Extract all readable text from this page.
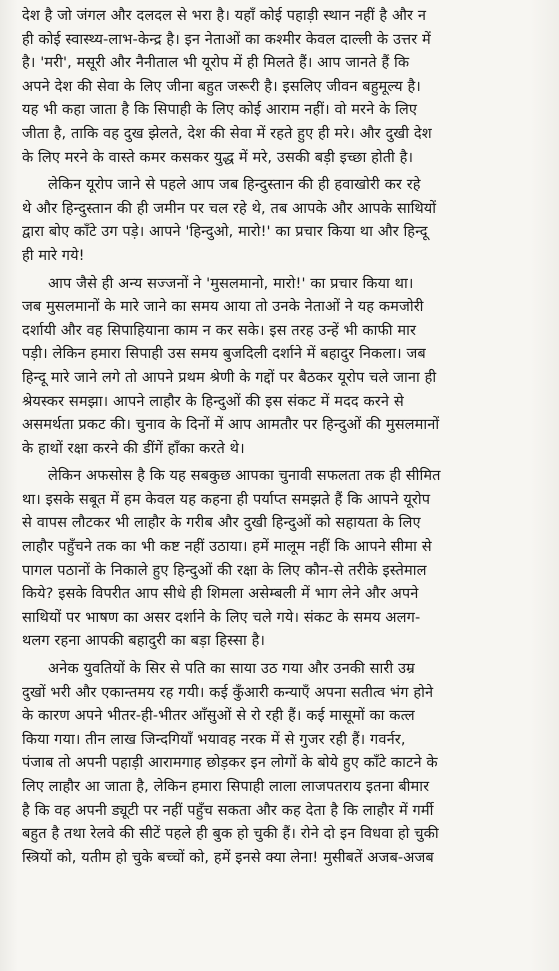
देश है जो जंगल और दलदल से भरा है। यहाँ कोई पहाड़ी स्थान नहीं है और न
ही कोई स्वास्थ्य-लाभ-केन्द्र है। इन नेताओं का कश्मीर केवल दाल्ली के उत्तर में
है। 'मरी', मसूरी और नैनीताल भी यूरोप में ही मिलते हैं। आप जानते हैं कि
अपने देश की सेवा के लिए जीना बहुत जरूरी है। इसलिए जीवन बहुमूल्य है।
यह भी कहा जाता है कि सिपाही के लिए कोई आराम नहीं। वो मरने के लिए
जीता है, ताकि वह दुख झेलते, देश की सेवा में रहते हुए ही मरे। और दुखी देश
के लिए मरने के वास्ते कमर कसकर युद्ध में मरे, उसकी बड़ी इच्छा होती है।
लेकिन यूरोप जाने से पहले आप जब हिन्दुस्तान की ही हवाखोरी कर रहे
थे और हिन्दुस्तान की ही जमीन पर चल रहे थे, तब आपके और आपके साथियों
द्वारा बोए काँटे उग पड़े। आपने 'हिन्दुओ, मारो!' का प्रचार किया था और हिन्दू
ही मारे गये!
आप जैसे ही अन्य सज्जनों ने 'मुसलमानो, मारो!' का प्रचार किया था।
जब मुसलमानों के मारे जाने का समय आया तो उनके नेताओं ने यह कमजोरी
दर्शायी और वह सिपाहियाना काम न कर सके। इस तरह उन्हें भी काफी मार
पड़ी। लेकिन हमारा सिपाही उस समय बुजदिली दर्शाने में बहादुर निकला। जब
हिन्दू मारे जाने लगे तो आपने प्रथम श्रेणी के गद्दों पर बैठकर यूरोप चले जाना ही
श्रेयस्कर समझा। आपने लाहौर के हिन्दुओं की इस संकट में मदद करने से
असमर्थता प्रकट की। चुनाव के दिनों में आप आमतौर पर हिन्दुओं की मुसलमानों
के हाथों रक्षा करने की डींगें हाँका करते थे।
लेकिन अफसोस है कि यह सबकुछ आपका चुनावी सफलता तक ही सीमित
था। इसके सबूत में हम केवल यह कहना ही पर्याप्त समझते हैं कि आपने यूरोप
से वापस लौटकर भी लाहौर के गरीब और दुखी हिन्दुओं को सहायता के लिए
लाहौर पहुँचने तक का भी कष्ट नहीं उठाया। हमें मालूम नहीं कि आपने सीमा से
पागल पठानों के निकाले हुए हिन्दुओं की रक्षा के लिए कौन-से तरीके इस्तेमाल
किये? इसके विपरीत आप सीधे ही शिमला असेम्बली में भाग लेने और अपने
साथियों पर भाषण का असर दर्शाने के लिए चले गये। संकट के समय अलग-
थलग रहना आपकी बहादुरी का बड़ा हिस्सा है।
अनेक युवतियों के सिर से पति का साया उठ गया और उनकी सारी उम्र
दुखों भरी और एकान्तमय रह गयी। कई कुँआरी कन्याएँ अपना सतीत्व भंग होने
के कारण अपने भीतर-ही-भीतर आँसुओं से रो रही हैं। कई मासूमों का कत्ल
किया गया। तीन लाख जिन्दगियाँ भयावह नरक में से गुजर रही हैं। गवर्नर,
पंजाब तो अपनी पहाड़ी आरामगाह छोड़कर इन लोगों के बोये हुए काँटे काटने के
लिए लाहौर आ जाता है, लेकिन हमारा सिपाही लाला लाजपतराय इतना बीमार
है कि वह अपनी ड्यूटी पर नहीं पहुँच सकता और कह देता है कि लाहौर में गर्मी
बहुत है तथा रेलवे की सीटें पहले ही बुक हो चुकी हैं। रोने दो इन विधवा हो चुकी
स्त्रियों को, यतीम हो चुके बच्चों को, हमें इनसे क्या लेना! मुसीबतें अजब-अजब
